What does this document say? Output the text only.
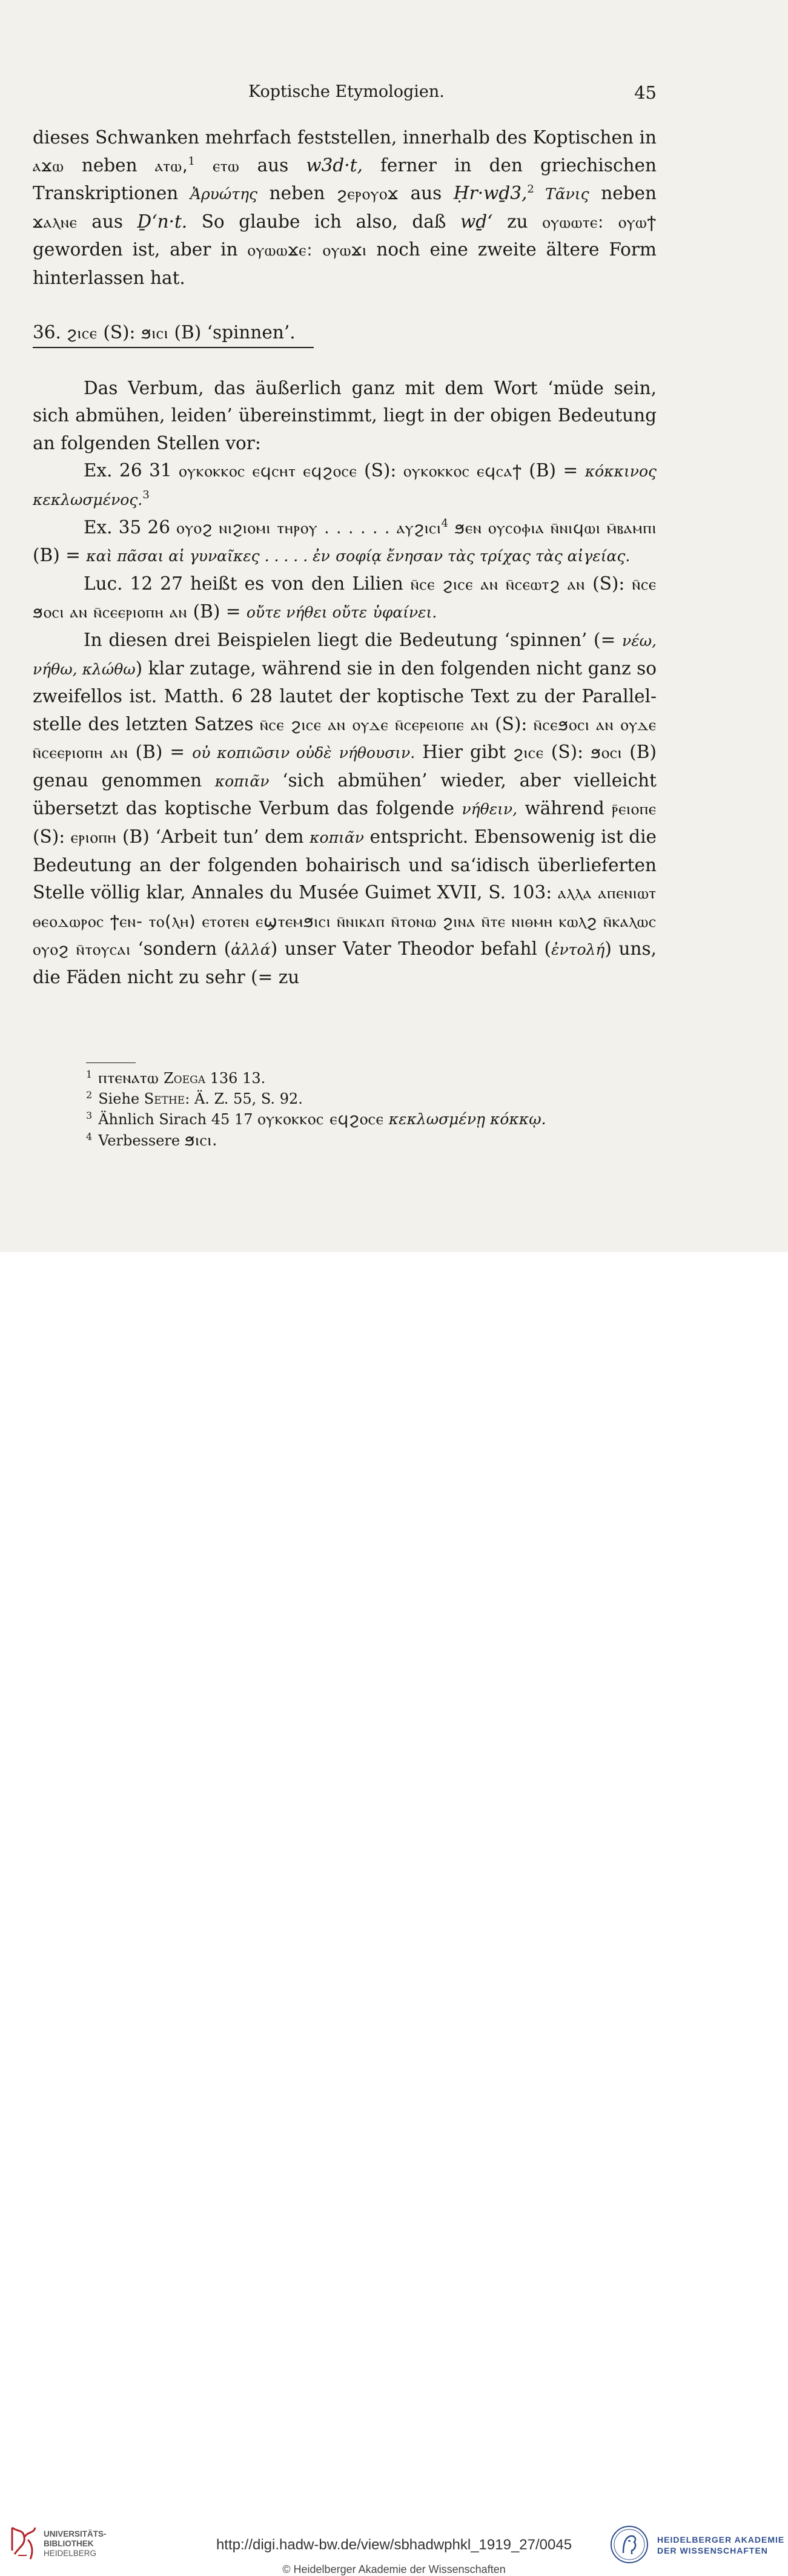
Koptische Etymologien.	45

dieses Schwanken mehrfach feststellen, innerhalb des Koptischen in ⲁϫⲱ neben ⲁⲧⲱ,$^1$ ⲉⲧⲱ aus w3d·t, ferner in den griechischen Transkriptionen Ἀρυώτης neben ϩⲉⲣⲟⲩⲟϫ aus Ḥr·wḏ3,$^2$ Τᾶνις neben ϫⲁⲗⲛⲉ aus Ḏ‘n·t. So glaube ich also, daß wḏ‘ zu ⲟⲩⲱⲱⲧⲉ: ⲟⲩⲱϯ geworden ist, aber in ⲟⲩⲱⲱϫⲉ: ⲟⲩⲱϫⲓ noch eine zweite ältere Form hinterlassen hat.

36. ϩⲓⲥⲉ (S): ϧⲓⲥⲓ (B) ‘spinnen’.

Das Verbum, das äußerlich ganz mit dem Wort ‘müde sein, sich abmühen, leiden’ übereinstimmt, liegt in der obigen Bedeutung an folgenden Stellen vor:

Ex. 26 31 ⲟⲩⲕⲟⲕⲕⲟⲥ ⲉϥⲥⲏⲧ ⲉϥϩⲟⲥⲉ (S): ⲟⲩⲕⲟⲕⲕⲟⲥ ⲉϥⲥⲁϯ (B) = κόκκινος κεκλωσμένος.$^3$

Ex. 35 26 ⲟⲩⲟϩ ⲛⲓϩⲓⲟⲙⲓ ⲧⲏⲣⲟⲩ . . . . . . ⲁⲩϩⲓⲥⲓ$^4$ ϧⲉⲛ ⲟⲩⲥⲟⲫⲓⲁ ⲛ̄ⲛⲓϥⲱⲓ ⲙ̄ⲃⲁⲙⲡⲓ (B) = καὶ πᾶσαι αἱ γυναῖκες . . . . . ἐν σοφίᾳ ἔνησαν τὰς τρίχας τὰς αἰγείας.

Luc. 12 27 heißt es von den Lilien ⲛ̄ⲥⲉ ϩⲓⲥⲉ ⲁⲛ ⲛ̄ⲥⲉⲱⲧϩ ⲁⲛ (S): ⲛ̄ⲥⲉ ϧⲟⲥⲓ ⲁⲛ ⲛ̄ⲥⲉⲉⲣⲓⲟⲡⲏ ⲁⲛ (B) = οὔτε νήθει οὔτε ὑφαίνει.

In diesen drei Beispielen liegt die Bedeutung ‘spinnen’ (= νέω, νήθω, κλώθω) klar zutage, während sie in den folgenden nicht ganz so zweifellos ist. Matth. 6 28 lautet der koptische Text zu der Parallel- stelle des letzten Satzes ⲛ̄ⲥⲉ ϩⲓⲥⲉ ⲁⲛ ⲟⲩⲇⲉ ⲛ̄ⲥⲉⲣⲉⲓⲟⲡⲉ ⲁⲛ (S): ⲛ̄ⲥⲉϧⲟⲥⲓ ⲁⲛ ⲟⲩⲇⲉ ⲛ̄ⲥⲉⲉⲣⲓⲟⲡⲏ ⲁⲛ (B) = οὐ κοπιῶσιν οὐδὲ νήθουσιν. Hier gibt ϩⲓⲥⲉ (S): ϧⲟⲥⲓ (B) genau genommen κοπιᾶν ‘sich abmühen’ wieder, aber vielleicht übersetzt das koptische Verbum das folgende νήθειν, während ⲣ̄ⲉⲓⲟⲡⲉ (S): ⲉⲣⲓⲟⲡⲏ (B) ‘Arbeit tun’ dem κοπιᾶν entspricht. Ebensowenig ist die Bedeutung an der folgenden bohairisch und sa‘idisch überlieferten Stelle völlig klar, Annales du Musée Guimet XVII, S. 103: ⲁⲗⲗⲁ ⲁⲡⲉⲛⲓⲱⲧ ⲑⲉⲟⲇⲱⲣⲟⲥ ϯⲉⲛ- ⲧⲟ(ⲗⲏ) ⲉⲧⲟⲧⲉⲛ ⲉϣⲧⲉⲙϧⲓⲥⲓ ⲛ̄ⲛⲓⲕⲁⲡ ⲛ̄ⲧⲟⲛⲱ ϩⲓⲛⲁ ⲛ̄ⲧⲉ ⲛⲓⲑⲙⲏ ⲕⲱⲗϩ ⲛ̄ⲕⲁⲗⲱⲥ ⲟⲩⲟϩ ⲛ̄ⲧⲟⲩⲥⲁⲓ ‘sondern (ἀλλά) unser Vater Theodor befahl (ἐντολή) uns, die Fäden nicht zu sehr (= zu

$^1$ ⲡⲧⲉⲛⲁⲧⲱ Zoega 136 13.
$^2$ Siehe Sethe: Ä. Z. 55, S. 92.
$^3$ Ähnlich Sirach 45 17 ⲟⲩⲕⲟⲕⲕⲟⲥ ⲉϥϩⲟⲥⲉ κεκλωσμένῃ κόκκῳ.
$^4$ Verbessere ϧⲓⲥⲓ.
UNIVERSITÄTS-
BIBLIOTHEK
HEIDELBERG
http://digi.hadw-bw.de/view/sbhadwphkl_1919_27/0045
© Heidelberger Akademie der Wissenschaften
HEIDELBERGER AKADEMIE
DER WISSENSCHAFTEN
